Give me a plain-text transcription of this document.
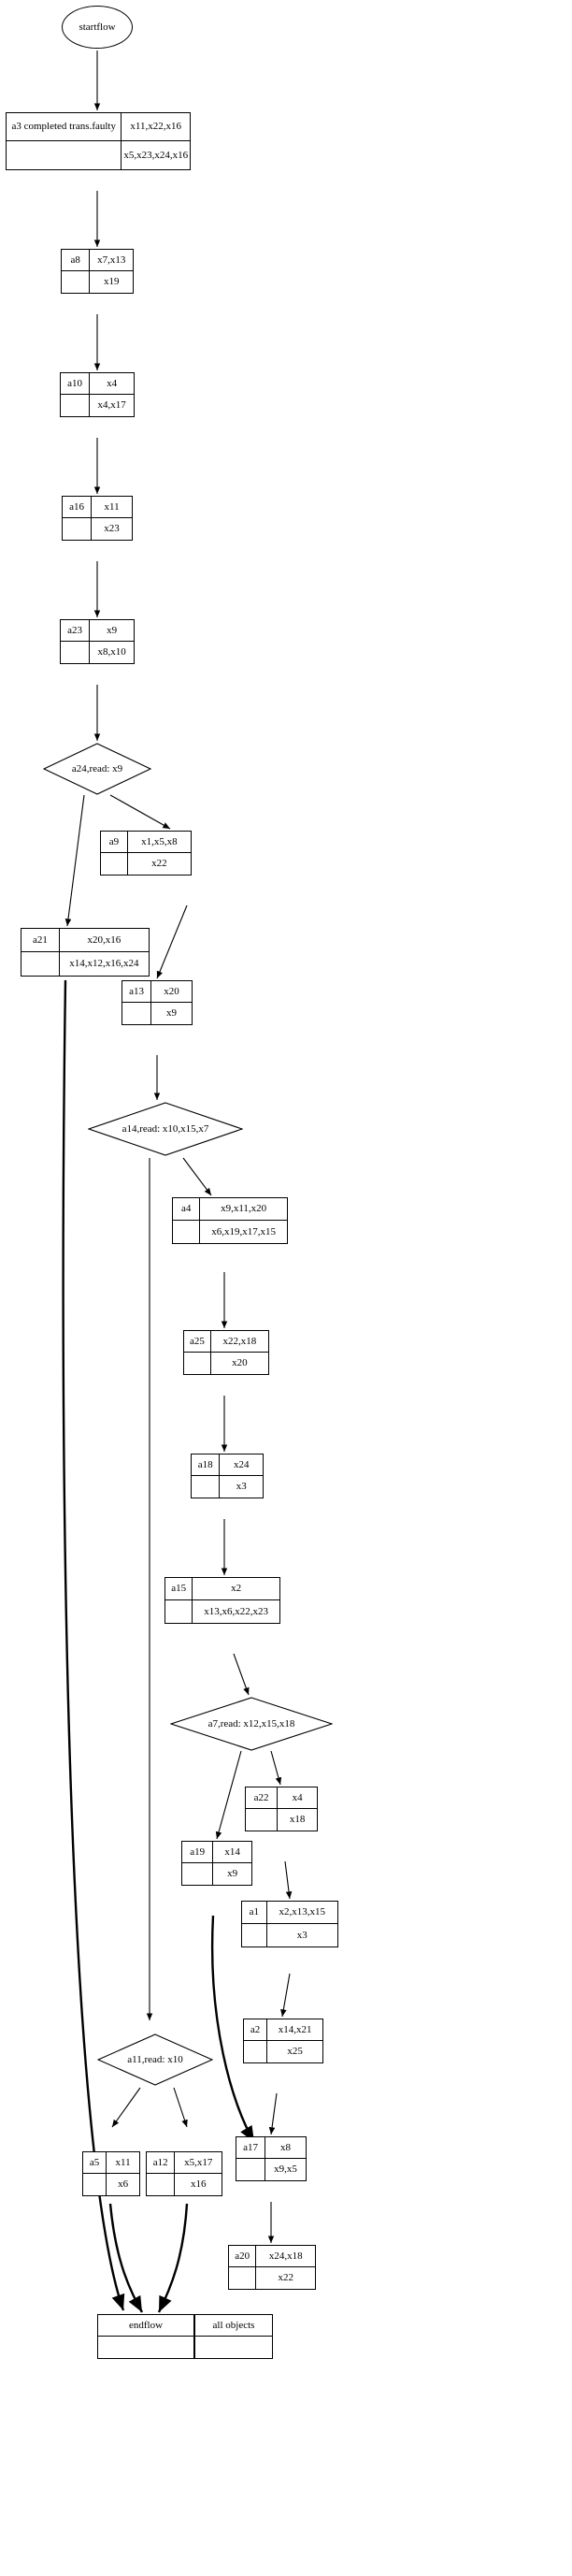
startflow
a3 completed trans.faulty	x11,x22,x16
x5,x23,x24,x16
a8	x7,x13
x19
a10	x4
x4,x17
a16	x11
x23
a23	x9
x8,x10
a24,read: x9
a9	x1,x5,x8
x22
a21	x20,x16
x14,x12,x16,x24
a13	x20
x9
a14,read: x10,x15,x7
a4	x9,x11,x20
x6,x19,x17,x15
a25	x22,x18
x20
a18	x24
x3
a15	x2
x13,x6,x22,x23
a7,read: x12,x15,x18
a22	x4
x18
a19	x14
x9
a1	x2,x13,x15
x3
a2	x14,x21
x25
a11,read: x10
a17	x8
x9,x5
a5	x11
x6
a12	x5,x17
x16
a20	x24,x18
x22
endflow	all objects
